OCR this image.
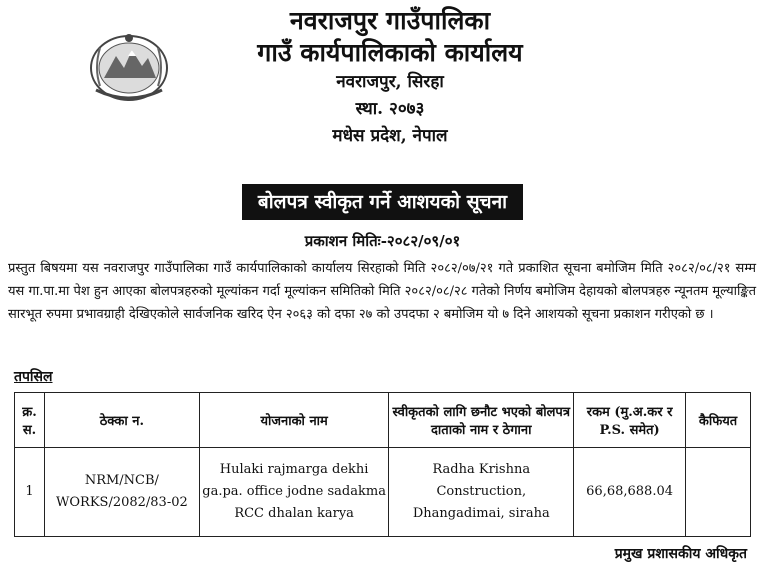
नवराजपुर गाउँपालिका
गाउँ कार्यपालिकाको कार्यालय
नवराजपुर, सिरहा
स्था. २०७३
मधेस प्रदेश, नेपाल
बोलपत्र स्वीकृत गर्ने आशयको सूचना
प्रकाशन मितिः-२०८२/०९/०१
प्रस्तुत बिषयमा यस नवराजपुर गाउँपालिका गाउँ कार्यपालिकाको कार्यालय सिरहाको मिति २०८२/०७/२१ गते प्रकाशित सूचना बमोजिम मिति २०८२/०८/२१ सम्म यस गा.पा.मा पेश हुन आएका बोलपत्रहरुको मूल्यांकन गर्दा मूल्यांकन समितिको मिति २०८२/०८/२८ गतेको निर्णय बमोजिम देहायको बोलपत्रहरु न्यूनतम मूल्याङ्कित सारभूत रुपमा प्रभावग्राही देखिएकोले सार्वजनिक खरिद ऐन २०६३ को दफा २७ को उपदफा २ बमोजिम यो ७ दिने आशयको सूचना प्रकाशन गरीएको छ ।
तपसिल
क्र. स.	ठेक्का न.	योजनाको नाम	स्वीकृतको लागि छनौट भएको बोलपत्र दाताको नाम र ठेगाना	रकम (मु.अ.कर र P.S. समेत)	कैफियत
1	NRM/NCB/ WORKS/2082/83-02	Hulaki rajmarga dekhi ga.pa. office jodne sadakma RCC dhalan karya	Radha Krishna Construction, Dhangadimai, siraha	66,68,688.04	
प्रमुख प्रशासकीय अधिकृत
